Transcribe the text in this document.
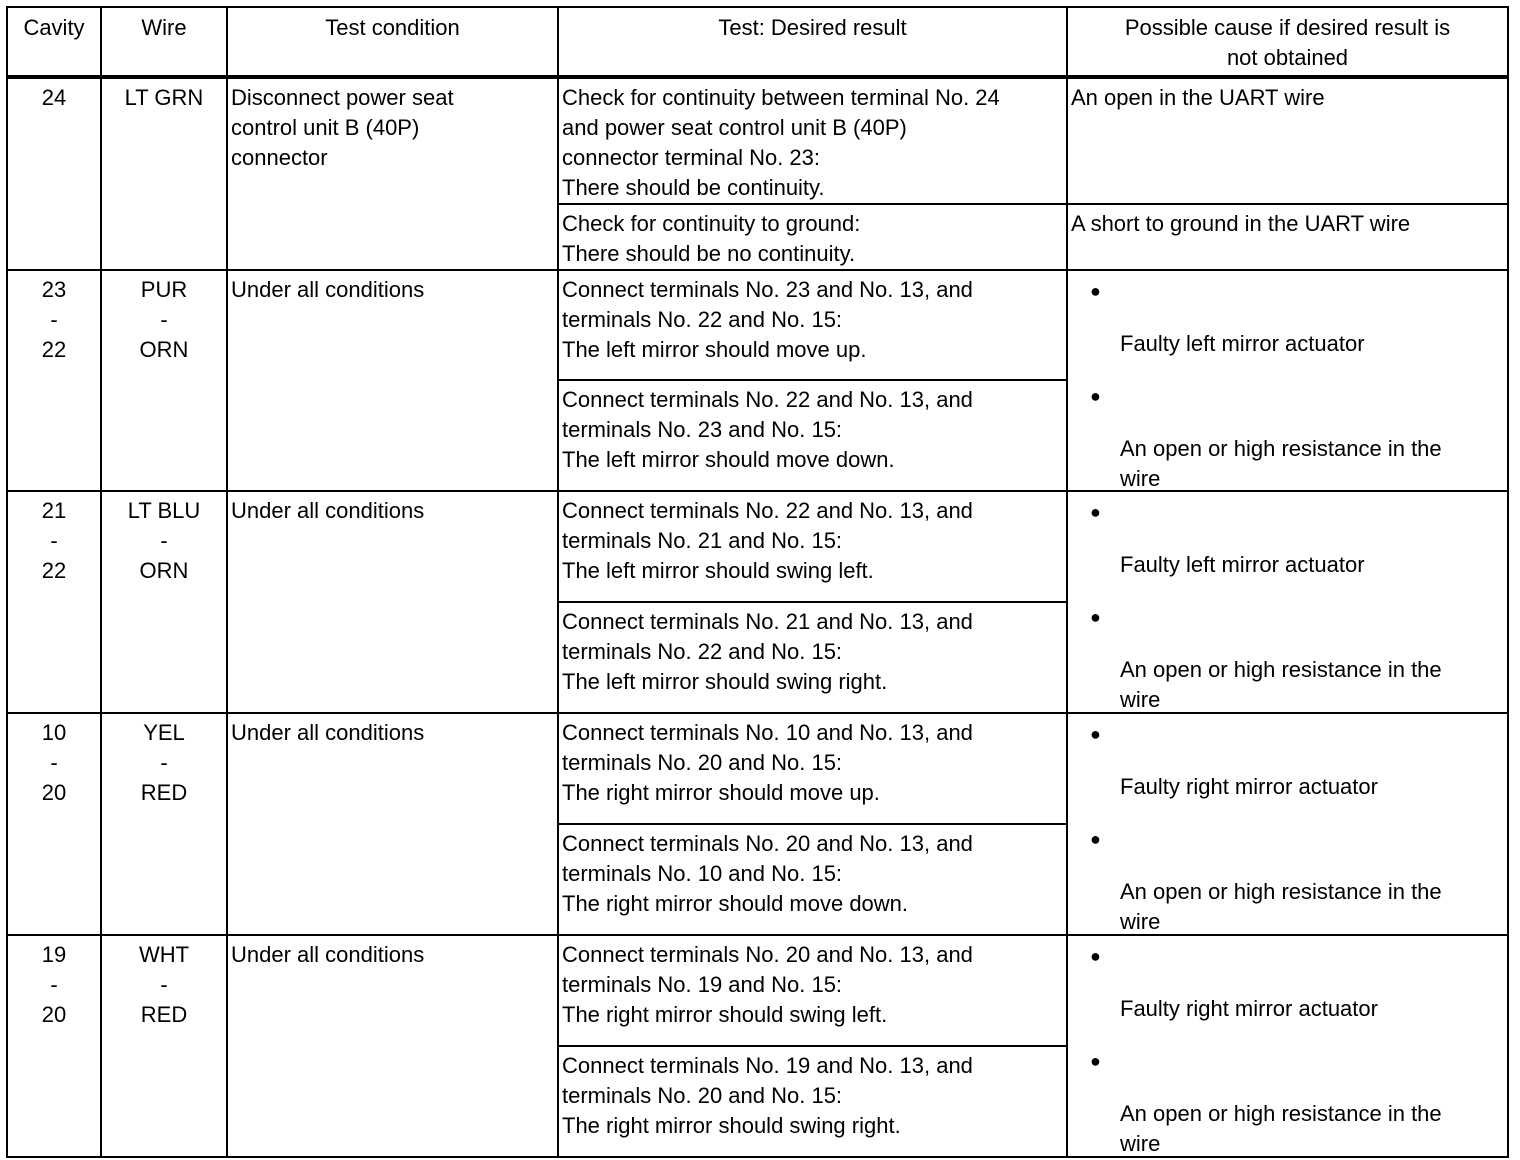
Cavity	Wire	Test condition	Test: Desired result	Possible cause if desired result is
not obtained

24	LT GRN	Disconnect power seat
control unit B (40P)
connector	Check for continuity between terminal No. 24
and power seat control unit B (40P)
connector terminal No. 23:
There should be continuity.	An open in the UART wire

			Check for continuity to ground:
There should be no continuity.	A short to ground in the UART wire

23
-
22	PUR
-
ORN	Under all conditions	Connect terminals No. 23 and No. 13, and
terminals No. 22 and No. 15:
The left mirror should move up.	●
Faulty left mirror actuator
●
An open or high resistance in the
wire

			Connect terminals No. 22 and No. 13, and
terminals No. 23 and No. 15:
The left mirror should move down.	

21
-
22	LT BLU
-
ORN	Under all conditions	Connect terminals No. 22 and No. 13, and
terminals No. 21 and No. 15:
The left mirror should swing left.	●
Faulty left mirror actuator
●
An open or high resistance in the
wire

			Connect terminals No. 21 and No. 13, and
terminals No. 22 and No. 15:
The left mirror should swing right.	

10
-
20	YEL
-
RED	Under all conditions	Connect terminals No. 10 and No. 13, and
terminals No. 20 and No. 15:
The right mirror should move up.	●
Faulty right mirror actuator
●
An open or high resistance in the
wire

			Connect terminals No. 20 and No. 13, and
terminals No. 10 and No. 15:
The right mirror should move down.	

19
-
20	WHT
-
RED	Under all conditions	Connect terminals No. 20 and No. 13, and
terminals No. 19 and No. 15:
The right mirror should swing left.	●
Faulty right mirror actuator
●
An open or high resistance in the
wire

			Connect terminals No. 19 and No. 13, and
terminals No. 20 and No. 15:
The right mirror should swing right.	
